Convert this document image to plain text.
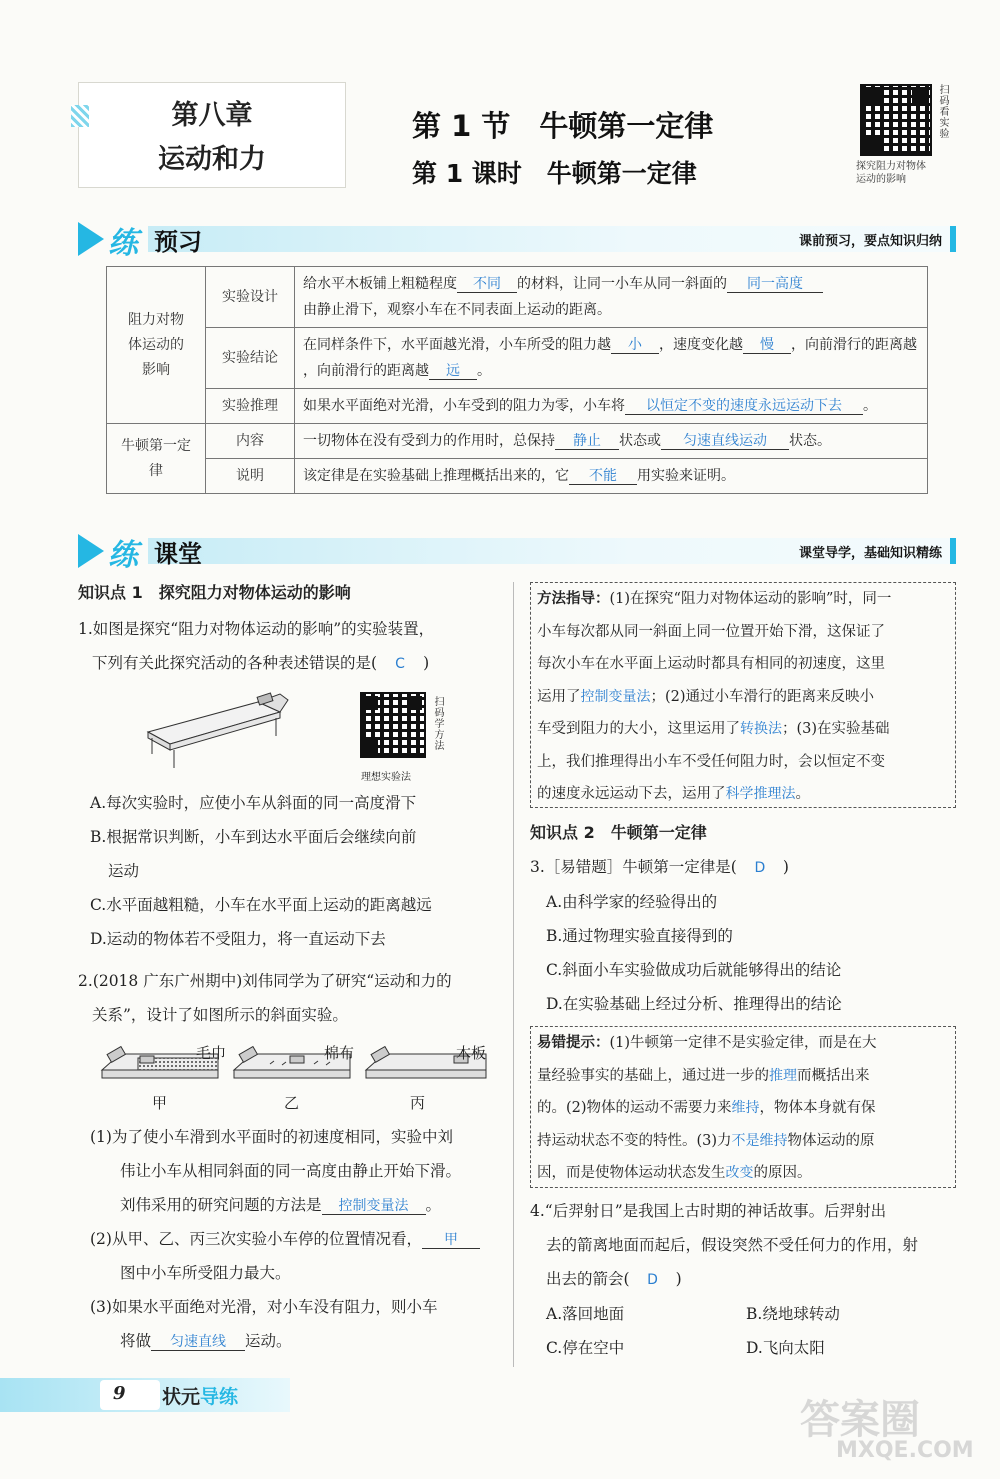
第八章
运动和力
第 1 节　牛顿第一定律
第 1 课时　牛顿第一定律
扫码看实验
探究阻力对物体
运动的影响
练 预习	课前预习，要点知识归纳
阻力对物体运动的影响	实验设计	给水平木板铺上粗糙程度 不同 的材料，让同一小车从同一斜面的 同一高度
由静止滑下，观察小车在不同表面上运动的距离。
	实验结论	在同样条件下，水平面越光滑，小车所受的阻力越 小 ，速度变化越 慢 ，向前滑行的距离越
，向前滑行的距离越 远 。
	实验推理	如果水平面绝对光滑，小车受到的阻力为零，小车将 以恒定不变的速度永远运动下去 。
牛顿第一定律	内容	一切物体在没有受到力的作用时，总保持 静止 状态或 匀速直线运动 状态。
	说明	该定律是在实验基础上推理概括出来的，它 不能 用实验来证明。
练 课堂	课堂导学，基础知识精练
知识点 1　探究阻力对物体运动的影响
1.如图是探究“阻力对物体运动的影响”的实验装置，
下列有关此探究活动的各种表述错误的是( C )
扫码学方法
理想实验法
A.每次实验时，应使小车从斜面的同一高度滑下
B.根据常识判断，小车到达水平面后会继续向前
运动
C.水平面越粗糙，小车在水平面上运动的距离越远
D.运动的物体若不受阻力，将一直运动下去
2.(2018 广东广州期中)刘伟同学为了研究“运动和力的
关系”，设计了如图所示的斜面实验。
毛巾	棉布	木板
甲	乙	丙
(1)为了使小车滑到水平面时的初速度相同，实验中刘
伟让小车从相同斜面的同一高度由静止开始下滑。
刘伟采用的研究问题的方法是 控制变量法 。
(2)从甲、乙、丙三次实验小车停的位置情况看， 甲
图中小车所受阻力最大。
(3)如果水平面绝对光滑，对小车没有阻力，则小车
将做 匀速直线 运动。
方法指导：(1)在探究“阻力对物体运动的影响”时，同一
小车每次都从同一斜面上同一位置开始下滑，这保证了
每次小车在水平面上运动时都具有相同的初速度，这里
运用了控制变量法；(2)通过小车滑行的距离来反映小
车受到阻力的大小，这里运用了转换法；(3)在实验基础
上，我们推理得出小车不受任何阻力时，会以恒定不变
的速度永远运动下去，运用了科学推理法。
知识点 2　牛顿第一定律
3.［易错题］牛顿第一定律是( D )
A.由科学家的经验得出的
B.通过物理实验直接得到的
C.斜面小车实验做成功后就能够得出的结论
D.在实验基础上经过分析、推理得出的结论
易错提示：(1)牛顿第一定律不是实验定律，而是在大
量经验事实的基础上，通过进一步的推理而概括出来
的。(2)物体的运动不需要力来维持，物体本身就有保
持运动状态不变的特性。(3)力不是维持物体运动的原
因，而是使物体运动状态发生改变的原因。
4.“后羿射日”是我国上古时期的神话故事。后羿射出
去的箭离地面而起后，假设突然不受任何力的作用，射
出去的箭会( D )
A.落回地面	B.绕地球转动
C.停在空中	D.飞向太阳
9 状元导练	答案圈
MXQE.COM
